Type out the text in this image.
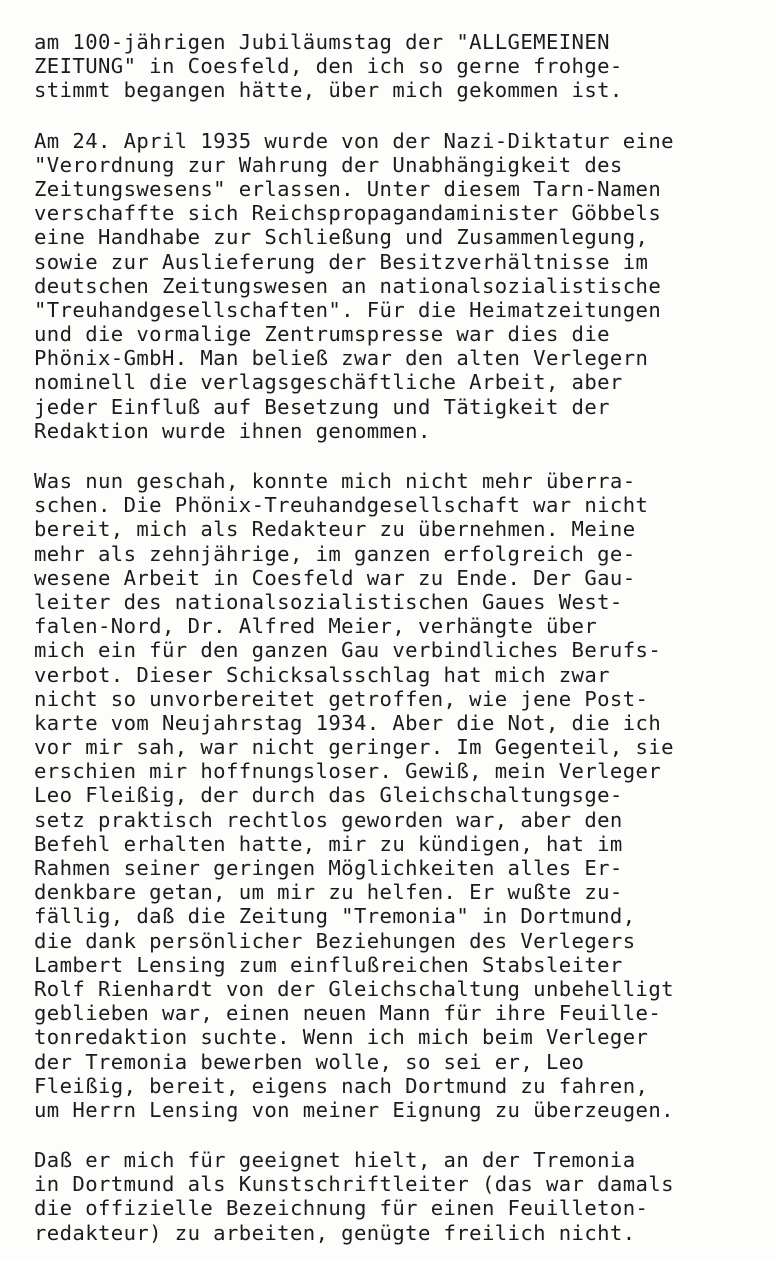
am 100-jährigen Jubiläumstag der "ALLGEMEINEN
ZEITUNG" in Coesfeld, den ich so gerne frohge-
stimmt begangen hätte, über mich gekommen ist.

Am 24. April 1935 wurde von der Nazi-Diktatur eine
"Verordnung zur Wahrung der Unabhängigkeit des
Zeitungswesens" erlassen. Unter diesem Tarn-Namen
verschaffte sich Reichspropagandaminister Göbbels
eine Handhabe zur Schließung und Zusammenlegung,
sowie zur Auslieferung der Besitzverhältnisse im
deutschen Zeitungswesen an nationalsozialistische
"Treuhandgesellschaften". Für die Heimatzeitungen
und die vormalige Zentrumspresse war dies die
Phönix-GmbH. Man beließ zwar den alten Verlegern
nominell die verlagsgeschäftliche Arbeit, aber
jeder Einfluß auf Besetzung und Tätigkeit der
Redaktion wurde ihnen genommen.

Was nun geschah, konnte mich nicht mehr überra-
schen. Die Phönix-Treuhandgesellschaft war nicht
bereit, mich als Redakteur zu übernehmen. Meine
mehr als zehnjährige, im ganzen erfolgreich ge-
wesene Arbeit in Coesfeld war zu Ende. Der Gau-
leiter des nationalsozialistischen Gaues West-
falen-Nord, Dr. Alfred Meier, verhängte über
mich ein für den ganzen Gau verbindliches Berufs-
verbot. Dieser Schicksalsschlag hat mich zwar
nicht so unvorbereitet getroffen, wie jene Post-
karte vom Neujahrstag 1934. Aber die Not, die ich
vor mir sah, war nicht geringer. Im Gegenteil, sie
erschien mir hoffnungsloser. Gewiß, mein Verleger
Leo Fleißig, der durch das Gleichschaltungsge-
setz praktisch rechtlos geworden war, aber den
Befehl erhalten hatte, mir zu kündigen, hat im
Rahmen seiner geringen Möglichkeiten alles Er-
denkbare getan, um mir zu helfen. Er wußte zu-
fällig, daß die Zeitung "Tremonia" in Dortmund,
die dank persönlicher Beziehungen des Verlegers
Lambert Lensing zum einflußreichen Stabsleiter
Rolf Rienhardt von der Gleichschaltung unbehelligt
geblieben war, einen neuen Mann für ihre Feuille-
tonredaktion suchte. Wenn ich mich beim Verleger
der Tremonia bewerben wolle, so sei er, Leo
Fleißig, bereit, eigens nach Dortmund zu fahren,
um Herrn Lensing von meiner Eignung zu überzeugen.

Daß er mich für geeignet hielt, an der Tremonia
in Dortmund als Kunstschriftleiter (das war damals
die offizielle Bezeichnung für einen Feuilleton-
redakteur) zu arbeiten, genügte freilich nicht.
